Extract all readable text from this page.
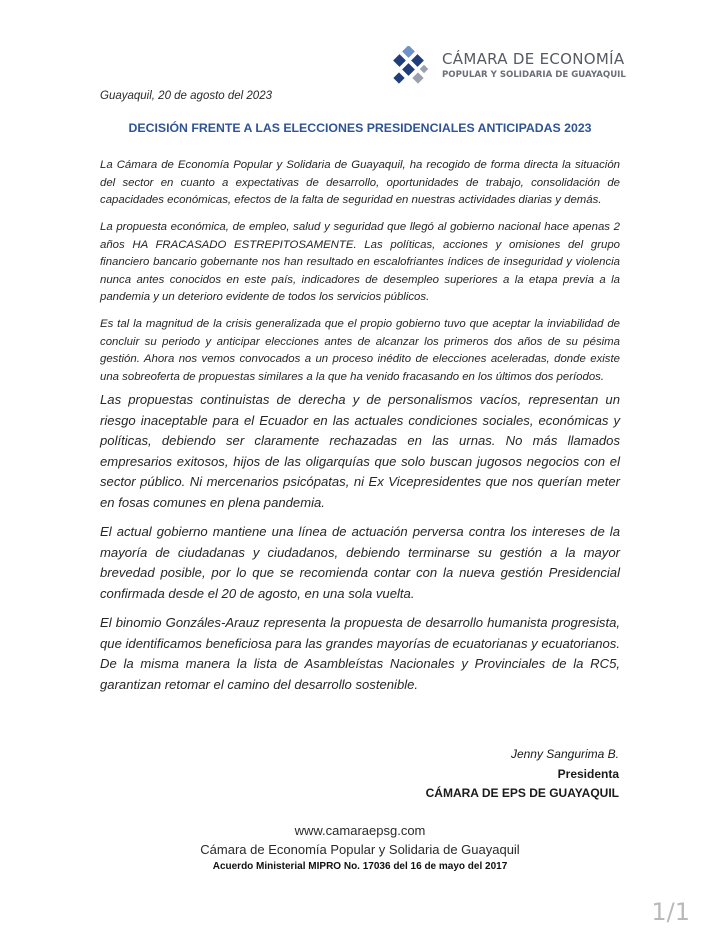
CÁMARA DE ECONOMÍA
POPULAR Y SOLIDARIA DE GUAYAQUIL
Guayaquil, 20 de agosto del 2023
DECISIÓN FRENTE A LAS ELECCIONES PRESIDENCIALES ANTICIPADAS 2023

La Cámara de Economía Popular y Solidaria de Guayaquil, ha recogido de forma directa la situación del sector en cuanto a expectativas de desarrollo, oportunidades de trabajo, consolidación de capacidades económicas, efectos de la falta de seguridad en nuestras actividades diarias y demás.

La propuesta económica, de empleo, salud y seguridad que llegó al gobierno nacional hace apenas 2 años HA FRACASADO ESTREPITOSAMENTE. Las políticas, acciones y omisiones del grupo financiero bancario gobernante nos han resultado en escalofriantes índices de inseguridad y violencia nunca antes conocidos en este país, indicadores de desempleo superiores a la etapa previa a la pandemia y un deterioro evidente de todos los servicios públicos.

Es tal la magnitud de la crisis generalizada que el propio gobierno tuvo que aceptar la inviabilidad de concluir su periodo y anticipar elecciones antes de alcanzar los primeros dos años de su pésima gestión. Ahora nos vemos convocados a un proceso inédito de elecciones aceleradas, donde existe una sobreoferta de propuestas similares a la que ha venido fracasando en los últimos dos períodos.

Las propuestas continuistas de derecha y de personalismos vacíos, representan un riesgo inaceptable para el Ecuador en las actuales condiciones sociales, económicas y políticas, debiendo ser claramente rechazadas en las urnas. No más llamados empresarios exitosos, hijos de las oligarquías que solo buscan jugosos negocios con el sector público. Ni mercenarios psicópatas, ni Ex Vicepresidentes que nos querían meter en fosas comunes en plena pandemia.

El actual gobierno mantiene una línea de actuación perversa contra los intereses de la mayoría de ciudadanas y ciudadanos, debiendo terminarse su gestión a la mayor brevedad posible, por lo que se recomienda contar con la nueva gestión Presidencial confirmada desde el 20 de agosto, en una sola vuelta.

El binomio Gonzáles-Arauz representa la propuesta de desarrollo humanista progresista, que identificamos beneficiosa para las grandes mayorías de ecuatorianas y ecuatorianos. De la misma manera la lista de Asambleístas Nacionales y Provinciales de la RC5, garantizan retomar el camino del desarrollo sostenible.

Jenny Sangurima B.
Presidenta
CÁMARA DE EPS DE GUAYAQUIL
www.camaraepsg.com
Cámara de Economía Popular y Solidaria de Guayaquil
Acuerdo Ministerial MIPRO No. 17036 del 16 de mayo del 2017
1/1
